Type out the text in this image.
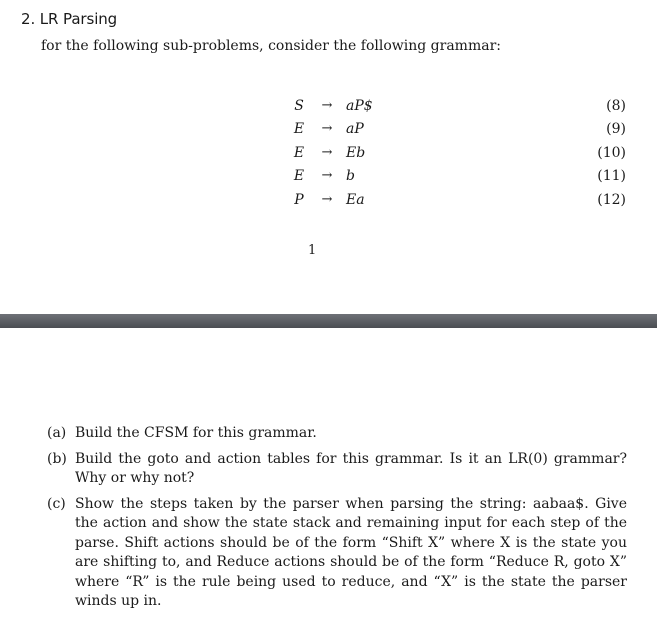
2. LR Parsing
for the following sub-problems, consider the following grammar:
S	→ aP$	(8)
E	→ aP	(9)
E	→ Eb	(10)
E	→ b	(11)
P	→ Ea	(12)
1
(a) Build the CFSM for this grammar.
(b) Build the goto and action tables for this grammar. Is it an LR(0) grammar? Why or why not?
(c) Show the steps taken by the parser when parsing the string: aabaa$. Give the action and show the state stack and remaining input for each step of the parse. Shift actions should be of the form “Shift X” where X is the state you are shifting to, and Reduce actions should be of the form “Reduce R, goto X” where “R” is the rule being used to reduce, and “X” is the state the parser winds up in.
